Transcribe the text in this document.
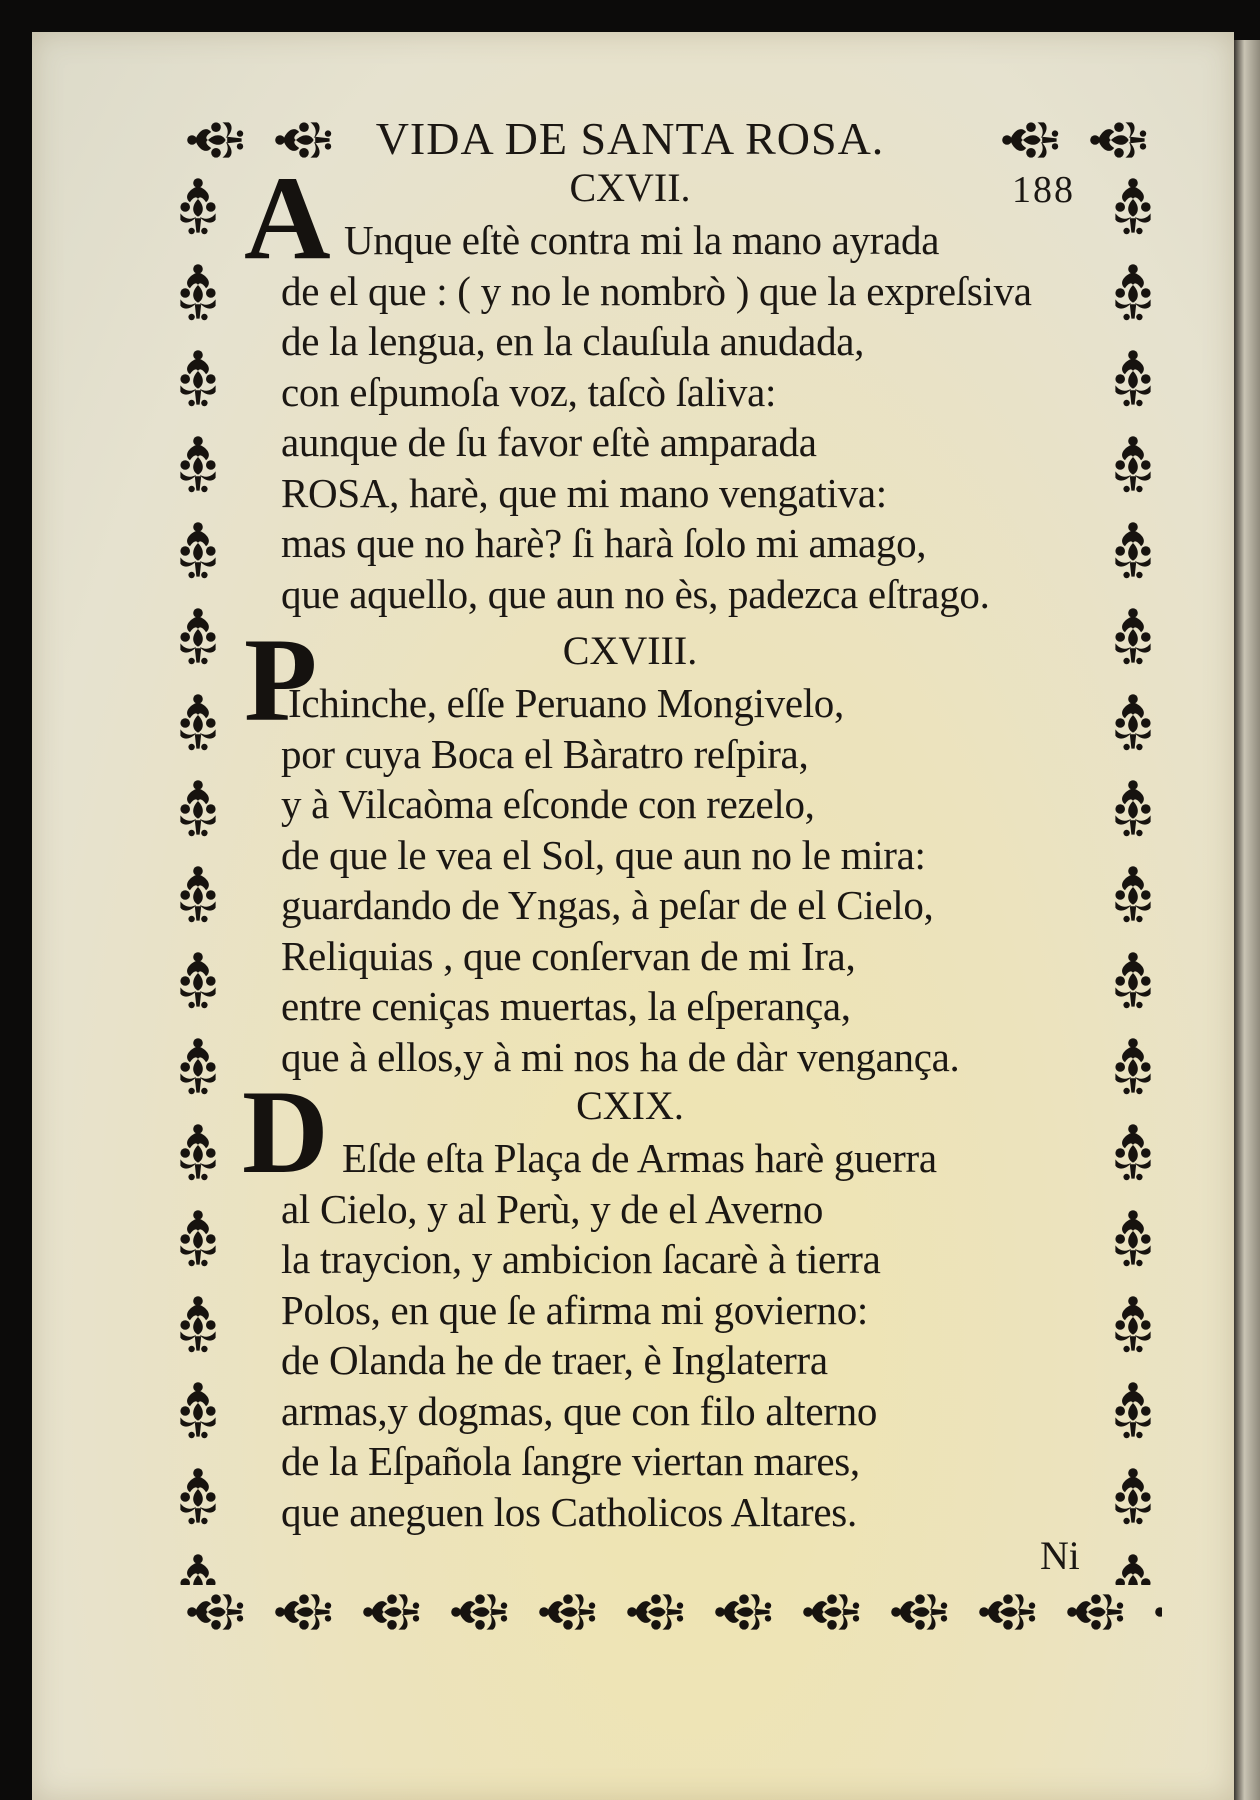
VIDA DE SANTA ROSA.
188
CXVII.
A Unque eſtè contra mi la mano ayrada
de el que : ( y no le nombrò ) que la expreſsiva
de la lengua, en la clauſula anudada,
con eſpumoſa voz, taſcò ſaliva:
aunque de ſu favor eſtè amparada
ROSA, harè, que mi mano vengativa:
mas que no harè? ſi harà ſolo mi amago,
que aquello, que aun no ès, padezca eſtrago.
CXVIII.
P
Ichinche, eſſe Peruano Mongivelo,
por cuya Boca el Bàratro reſpira,
y à Vilcaòma eſconde con rezelo,
de que le vea el Sol, que aun no le mira:
guardando de Yngas, à peſar de el Cielo,
Reliquias , que conſervan de mi Ira,
entre ceniças muertas, la eſperança,
que à ellos,y à mi nos ha de dàr vengança.
CXIX.
D Eſde eſta Plaça de Armas harè guerra
al Cielo, y al Perù, y de el Averno
la traycion, y ambicion ſacarè à tierra
Polos, en que ſe afirma mi govierno:
de Olanda he de traer, è Inglaterra
armas,y dogmas, que con filo alterno
de la Eſpañola ſangre viertan mares,
que aneguen los Catholicos Altares.
Ni
